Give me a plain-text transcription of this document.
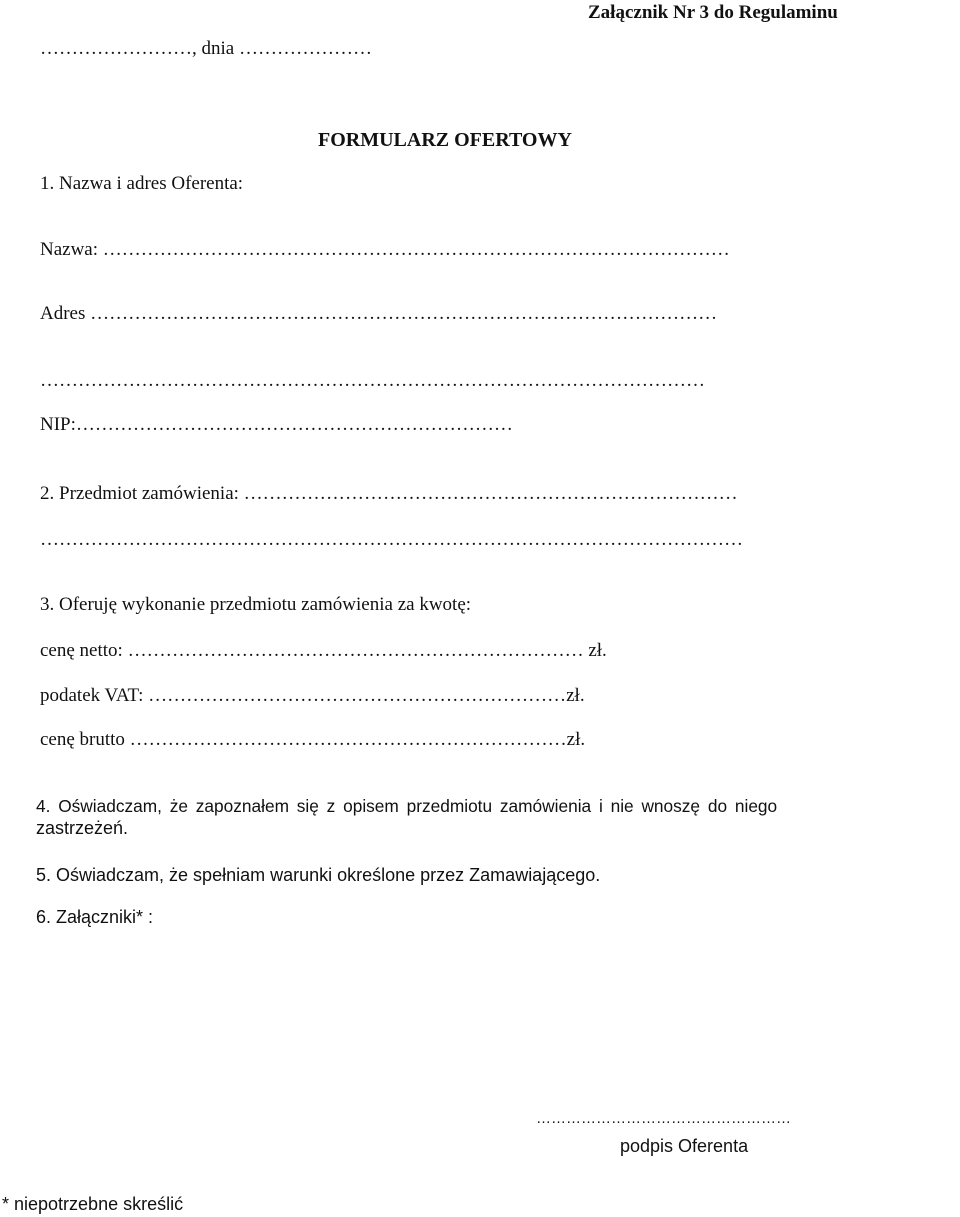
Załącznik Nr 3 do Regulaminu
……………………, dnia …………………
FORMULARZ OFERTOWY
1. Nazwa i adres Oferenta:
Nazwa: ………………………………………………………………………………………
Adres ………………………………………………………………………………………
……………………………………………………………………………………………
NIP:……………………………………………………………
2. Przedmiot zamówienia: ……………………………………………………………………
…………………………………………………………………………………………………
3. Oferuję wykonanie przedmiotu zamówienia za kwotę:
cenę netto: ……………………………………………………………… zł.
podatek VAT: …………………………………………………………zł.
cenę brutto ……………………………………………………………zł.
4. Oświadczam, że zapoznałem się z opisem przedmiotu zamówienia i nie wnoszę do niego
zastrzeżeń.
5. Oświadczam, że spełniam warunki określone przez Zamawiającego.
6. Załączniki* :
……………………………………………
podpis Oferenta
* niepotrzebne skreślić
